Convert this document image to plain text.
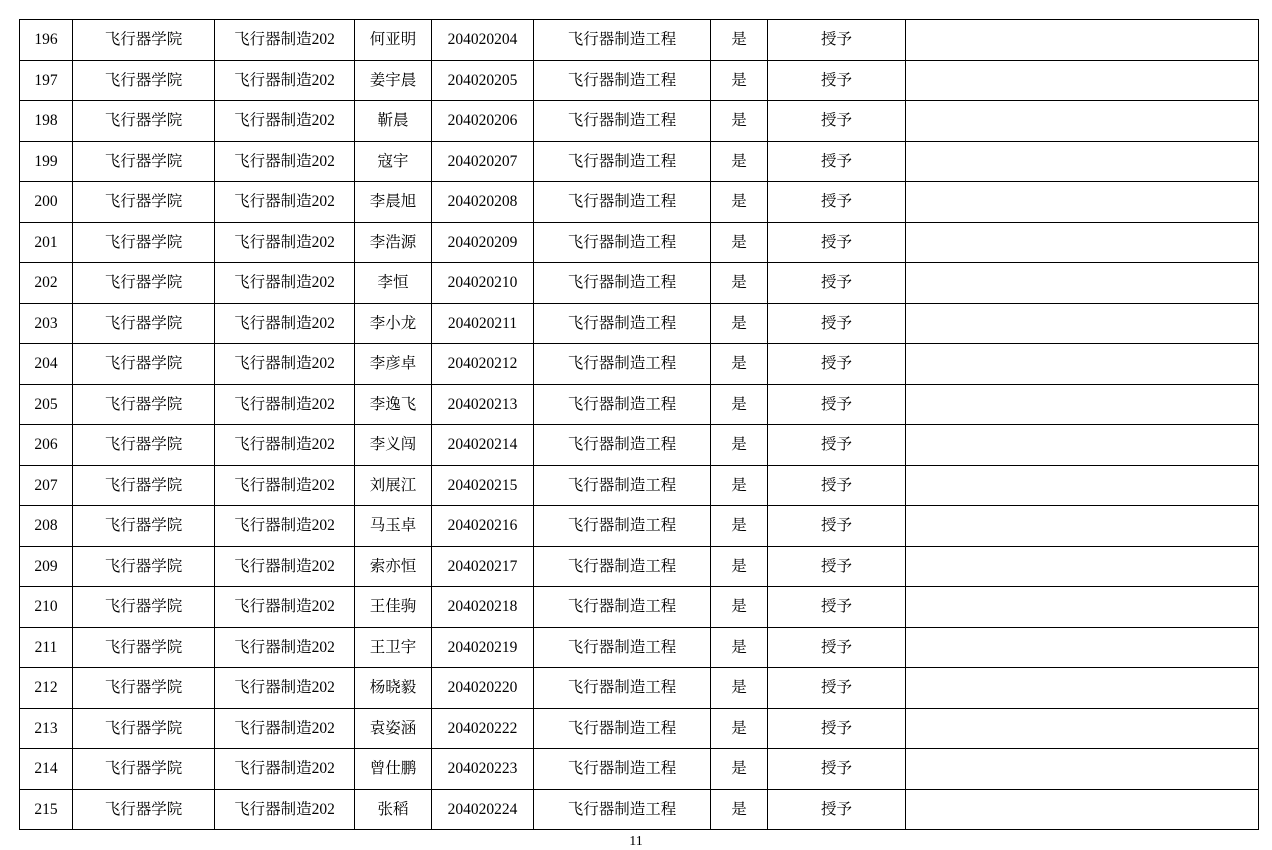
196	飞行器学院	飞行器制造202	何亚明	204020204	飞行器制造工程	是	授予	
197	飞行器学院	飞行器制造202	姜宇晨	204020205	飞行器制造工程	是	授予	
198	飞行器学院	飞行器制造202	靳晨	204020206	飞行器制造工程	是	授予	
199	飞行器学院	飞行器制造202	寇宇	204020207	飞行器制造工程	是	授予	
200	飞行器学院	飞行器制造202	李晨旭	204020208	飞行器制造工程	是	授予	
201	飞行器学院	飞行器制造202	李浩源	204020209	飞行器制造工程	是	授予	
202	飞行器学院	飞行器制造202	李恒	204020210	飞行器制造工程	是	授予	
203	飞行器学院	飞行器制造202	李小龙	204020211	飞行器制造工程	是	授予	
204	飞行器学院	飞行器制造202	李彦卓	204020212	飞行器制造工程	是	授予	
205	飞行器学院	飞行器制造202	李逸飞	204020213	飞行器制造工程	是	授予	
206	飞行器学院	飞行器制造202	李义闯	204020214	飞行器制造工程	是	授予	
207	飞行器学院	飞行器制造202	刘展江	204020215	飞行器制造工程	是	授予	
208	飞行器学院	飞行器制造202	马玉卓	204020216	飞行器制造工程	是	授予	
209	飞行器学院	飞行器制造202	索亦恒	204020217	飞行器制造工程	是	授予	
210	飞行器学院	飞行器制造202	王佳驹	204020218	飞行器制造工程	是	授予	
211	飞行器学院	飞行器制造202	王卫宇	204020219	飞行器制造工程	是	授予	
212	飞行器学院	飞行器制造202	杨晓毅	204020220	飞行器制造工程	是	授予	
213	飞行器学院	飞行器制造202	袁姿涵	204020222	飞行器制造工程	是	授予	
214	飞行器学院	飞行器制造202	曾仕鹏	204020223	飞行器制造工程	是	授予	
215	飞行器学院	飞行器制造202	张稻	204020224	飞行器制造工程	是	授予	
11
